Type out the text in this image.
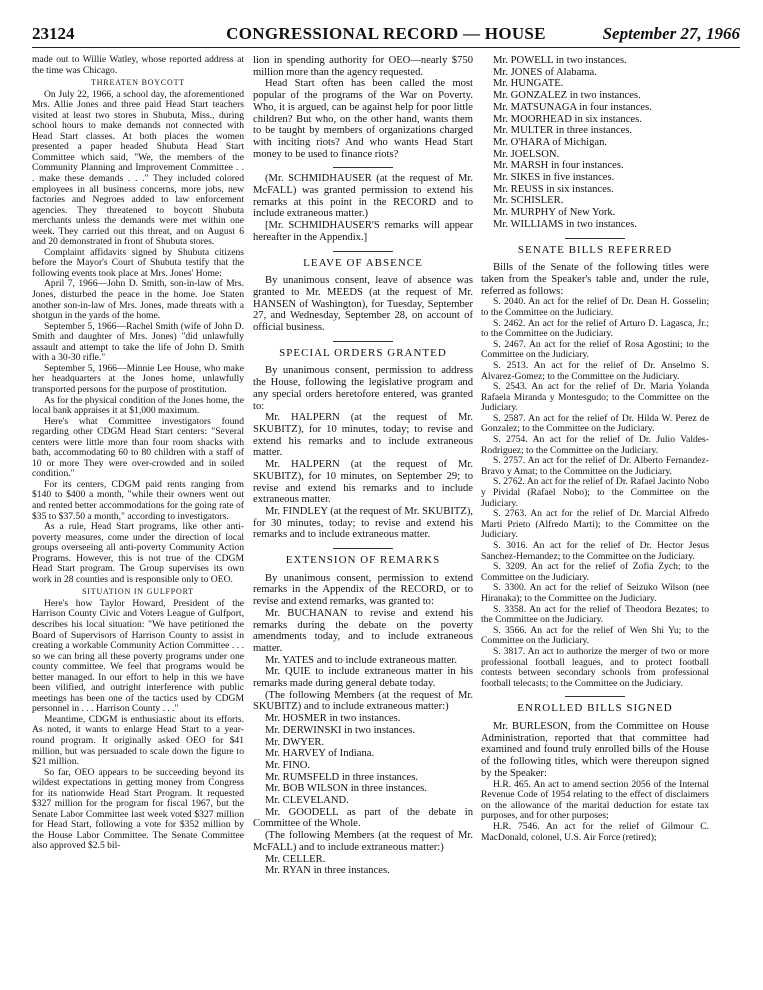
23124	CONGRESSIONAL RECORD — HOUSE	September 27, 1966

made out to Willie Watley, whose reported address at the time was Chicago.

THREATEN BOYCOTT

On July 22, 1966, a school day, the aforementioned Mrs. Allie Jones and three paid Head Start teachers visited at least two stores in Shubuta, Miss., during school hours to make demands not connected with Head Start classes. At both places the women presented a paper headed Shubuta Head Start Committee which said, "We, the members of the Community Planning and Improvement Committee . . . make these demands . . ." They included colored employees in all business concerns, more jobs, new factories and Negroes added to law enforcement agencies. They threatened to boycott Shubuta merchants unless the demands were met within one week. They carried out this threat, and on August 6 and 20 demonstrated in front of Shubuta stores.

Complaint affidavits signed by Shubuta citizens before the Mayor's Court of Shubuta testify that the following events took place at Mrs. Jones' Home:

April 7, 1966—John D. Smith, son-in-law of Mrs. Jones, disturbed the peace in the home. Joe Staten another son-in-law of Mrs. Jones, made threats with a shotgun in the yards of the home.

September 5, 1966—Rachel Smith (wife of John D. Smith and daughter of Mrs. Jones) "did unlawfully assault and attempt to take the life of John D. Smith with a 30-30 rifle."

September 5, 1966—Minnie Lee House, who make her headquarters at the Jones home, unlawfully transported persons for the purpose of prostitution.

As for the physical condition of the Jones home, the local bank appraises it at $1,000 maximum.

Here's what Committee investigators found regarding other CDGM Head Start centers: "Several centers were little more than four room shacks with bath, accommodating 60 to 80 children with a staff of 10 or more They were over-crowded and in soiled condition."

For its centers, CDGM paid rents ranging from $140 to $400 a month, "while their owners went out and rented better accommodations for the going rate of $35 to $37.50 a month," according to investigators.

As a rule, Head Start programs, like other anti-poverty measures, come under the direction of local groups overseeing all anti-poverty Community Action Programs. However, this is not true of the CDGM Head Start program. The Group supervises its own work in 28 counties and is responsible only to OEO.

SITUATION IN GULFPORT

Here's how Taylor Howard, President of the Harrison County Civic and Voters League of Gulfport, describes his local situation: "We have petitioned the Board of Supervisors of Harrison County to assist in creating a workable Community Action Committee . . . so we can bring all these poverty programs under one county committee. We feel that programs would be better managed. In our effort to help in this we have been vilified, and outright interference with public meetings has been one of the tactics used by CDGM personnel in . . . Harrison County . . ."

Meantime, CDGM is enthusiastic about its efforts. As noted, it wants to enlarge Head Start to a year-round program. It originally asked OEO for $41 million, but was persuaded to scale down the figure to $21 million.

So far, OEO appears to be succeeding beyond its wildest expectations in getting money from Congress for its nationwide Head Start Program. It requested $327 million for the program for fiscal 1967, but the Senate Labor Committee last week voted $327 million for Head Start, following a vote for $352 million by the House Labor Committee. The Senate Committee also approved $2.5 bil-

lion in spending authority for OEO—nearly $750 million more than the agency requested.

Head Start often has been called the most popular of the programs of the War on Poverty. Who, it is argued, can be against help for poor little children? But who, on the other hand, wants them to be taught by members of organizations charged with inciting riots? And who wants Head Start money to be used to finance riots?

(Mr. SCHMIDHAUSER (at the request of Mr. McFALL) was granted permission to extend his remarks at this point in the RECORD and to include extraneous matter.)

[Mr. SCHMIDHAUSER'S remarks will appear hereafter in the Appendix.]

LEAVE OF ABSENCE

By unanimous consent, leave of absence was granted to Mr. MEEDS (at the request of Mr. HANSEN of Washington), for Tuesday, September 27, and Wednesday, September 28, on account of official business.

SPECIAL ORDERS GRANTED

By unanimous consent, permission to address the House, following the legislative program and any special orders heretofore entered, was granted to:

Mr. HALPERN (at the request of Mr. SKUBITZ), for 10 minutes, today; to revise and extend his remarks and to include extraneous matter.

Mr. HALPERN (at the request of Mr. SKUBITZ), for 10 minutes, on September 29; to revise and extend his remarks and to include extraneous matter.

Mr. FINDLEY (at the request of Mr. SKUBITZ), for 30 minutes, today; to revise and extend his remarks and to include extraneous matter.

EXTENSION OF REMARKS

By unanimous consent, permission to extend remarks in the Appendix of the RECORD, or to revise and extend remarks, was granted to:

Mr. BUCHANAN to revise and extend his remarks during the debate on the poverty amendments today, and to include extraneous matter.

Mr. YATES and to include extraneous matter.

Mr. QUIE to include extraneous matter in his remarks made during general debate today.

(The following Members (at the request of Mr. SKUBITZ) and to include extraneous matter:)

Mr. HOSMER in two instances.

Mr. DERWINSKI in two instances.

Mr. DWYER.

Mr. HARVEY of Indiana.

Mr. FINO.

Mr. RUMSFELD in three instances.

Mr. BOB WILSON in three instances.

Mr. CLEVELAND.

Mr. GOODELL as part of the debate in Committee of the Whole.

(The following Members (at the request of Mr. McFALL) and to include extraneous matter:)

Mr. CELLER.

Mr. RYAN in three instances.

Mr. POWELL in two instances.

Mr. JONES of Alabama.

Mr. HUNGATE.

Mr. GONZALEZ in two instances.

Mr. MATSUNAGA in four instances.

Mr. MOORHEAD in six instances.

Mr. MULTER in three instances.

Mr. O'HARA of Michigan.

Mr. JOELSON.

Mr. MARSH in four instances.

Mr. SIKES in five instances.

Mr. REUSS in six instances.

Mr. SCHISLER.

Mr. MURPHY of New York.

Mr. WILLIAMS in two instances.

SENATE BILLS REFERRED

Bills of the Senate of the following titles were taken from the Speaker's table and, under the rule, referred as follows:

S. 2040. An act for the relief of Dr. Dean H. Gosselin; to the Committee on the Judiciary.

S. 2462. An act for the relief of Arturo D. Lagasca, Jr.; to the Committee on the Judiciary.

S. 2467. An act for the relief of Rosa Agostini; to the Committee on the Judiciary.

S. 2513. An act for the relief of Dr. Anselmo S. Alvarez-Gomez; to the Committee on the Judiciary.

S. 2543. An act for the relief of Dr. Maria Yolanda Rafaela Miranda y Montesgudo; to the Committee on the Judiciary.

S. 2587. An act for the relief of Dr. Hilda W. Perez de Gonzalez; to the Committee on the Judiciary.

S. 2754. An act for the relief of Dr. Julio Valdes-Rodriguez; to the Committee on the Judiciary.

S. 2757. An act for the relief of Dr. Alberto Fernandez-Bravo y Amat; to the Committee on the Judiciary.

S. 2762. An act for the relief of Dr. Rafael Jacinto Nobo y Pividal (Rafael Nobo); to the Committee on the Judiciary.

S. 2763. An act for the relief of Dr. Marcial Alfredo Marti Prieto (Alfredo Marti); to the Committee on the Judiciary.

S. 3016. An act for the relief of Dr. Hector Jesus Sanchez-Hernandez; to the Committee on the Judiciary.

S. 3209. An act for the relief of Zofia Zych; to the Committee on the Judiciary.

S. 3300. An act for the relief of Seizuko Wilson (nee Hiranaka); to the Committee on the Judiciary.

S. 3358. An act for the relief of Theodora Bezates; to the Committee on the Judiciary.

S. 3566. An act for the relief of Wen Shi Yu; to the Committee on the Judiciary.

S. 3817. An act to authorize the merger of two or more professional football leagues, and to protect football contests between secondary schools from professional football telecasts; to the Committee on the Judiciary.

ENROLLED BILLS SIGNED

Mr. BURLESON, from the Committee on House Administration, reported that that committee had examined and found truly enrolled bills of the House of the following titles, which were thereupon signed by the Speaker:

H.R. 465. An act to amend section 2056 of the Internal Revenue Code of 1954 relating to the effect of disclaimers on the allowance of the marital deduction for estate tax purposes, and for other purposes;

H.R. 7546. An act for the relief of Gilmour C. MacDonald, colonel, U.S. Air Force (retired);
